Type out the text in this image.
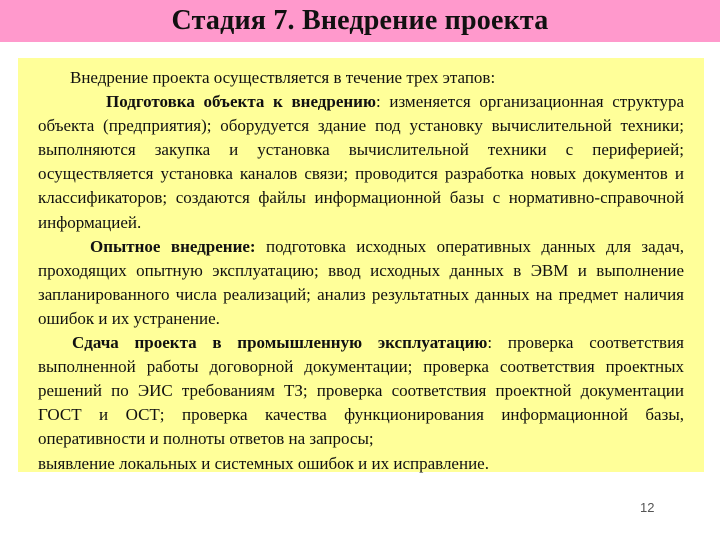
Стадия 7. Внедрение проекта

Внедрение проекта осуществляется в течение трех этапов:

Подготовка объекта к внедрению: изменяется организационная структура объекта (предприятия); оборудуется здание под установку вычислительной техники; выполняются закупка и установка вычислительной техники с периферией; осуществляется установка каналов связи; проводится разработка новых документов и классификаторов; создаются файлы информационной базы с нормативно-справочной информацией.

Опытное внедрение: подготовка исходных оперативных данных для задач, проходящих опытную эксплуатацию; ввод исходных данных в ЭВМ и выполнение запланированного числа реализаций; анализ результатных данных на предмет наличия ошибок и их устранение.

Сдача проекта в промышленную эксплуатацию: проверка соответствия выполненной работы договорной документации; проверка соответствия проектных решений по ЭИС требованиям ТЗ; проверка соответствия проектной документации ГОСТ и ОСТ; проверка качества функционирования информационной базы, оперативности и полноты ответов на запросы;

выявление локальных и системных ошибок и их исправление.

12
